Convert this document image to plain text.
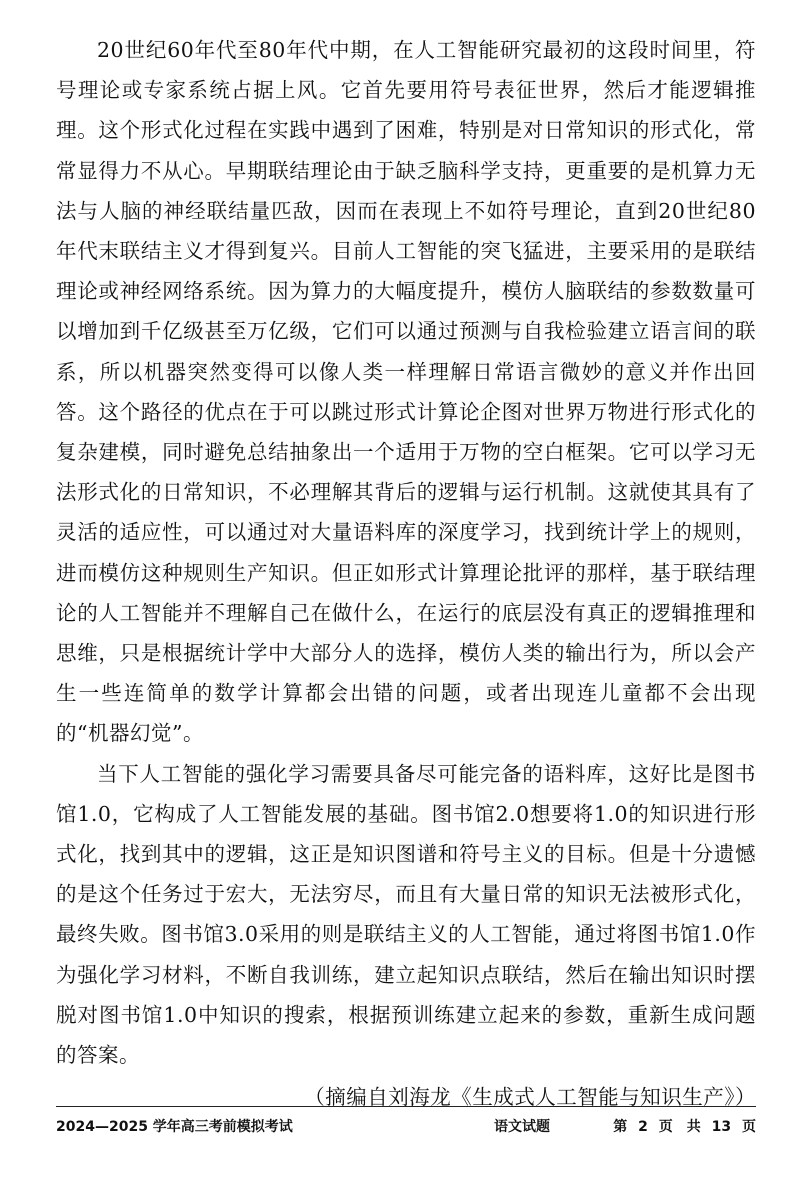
20世纪60年代至80年代中期，在人工智能研究最初的这段时间里，符号理论或专家系统占据上风。它首先要用符号表征世界，然后才能逻辑推理。这个形式化过程在实践中遇到了困难，特别是对日常知识的形式化，常常显得力不从心。早期联结理论由于缺乏脑科学支持，更重要的是机算力无法与人脑的神经联结量匹敌，因而在表现上不如符号理论，直到20世纪80年代末联结主义才得到复兴。目前人工智能的突飞猛进，主要采用的是联结理论或神经网络系统。因为算力的大幅度提升，模仿人脑联结的参数数量可以增加到千亿级甚至万亿级，它们可以通过预测与自我检验建立语言间的联系，所以机器突然变得可以像人类一样理解日常语言微妙的意义并作出回答。这个路径的优点在于可以跳过形式计算论企图对世界万物进行形式化的复杂建模，同时避免总结抽象出一个适用于万物的空白框架。它可以学习无法形式化的日常知识，不必理解其背后的逻辑与运行机制。这就使其具有了灵活的适应性，可以通过对大量语料库的深度学习，找到统计学上的规则，进而模仿这种规则生产知识。但正如形式计算理论批评的那样，基于联结理论的人工智能并不理解自己在做什么，在运行的底层没有真正的逻辑推理和思维，只是根据统计学中大部分人的选择，模仿人类的输出行为，所以会产生一些连简单的数学计算都会出错的问题，或者出现连儿童都不会出现的“机器幻觉”。

当下人工智能的强化学习需要具备尽可能完备的语料库，这好比是图书馆1.0，它构成了人工智能发展的基础。图书馆2.0想要将1.0的知识进行形式化，找到其中的逻辑，这正是知识图谱和符号主义的目标。但是十分遗憾的是这个任务过于宏大，无法穷尽，而且有大量日常的知识无法被形式化，最终失败。图书馆3.0采用的则是联结主义的人工智能，通过将图书馆1.0作为强化学习材料，不断自我训练，建立起知识点联结，然后在输出知识时摆脱对图书馆1.0中知识的搜索，根据预训练建立起来的参数，重新生成问题的答案。

（摘编自刘海龙《生成式人工智能与知识生产》）

2024—2025 学年高三考前模拟考试	语文试题	第 2 页　共 13 页
